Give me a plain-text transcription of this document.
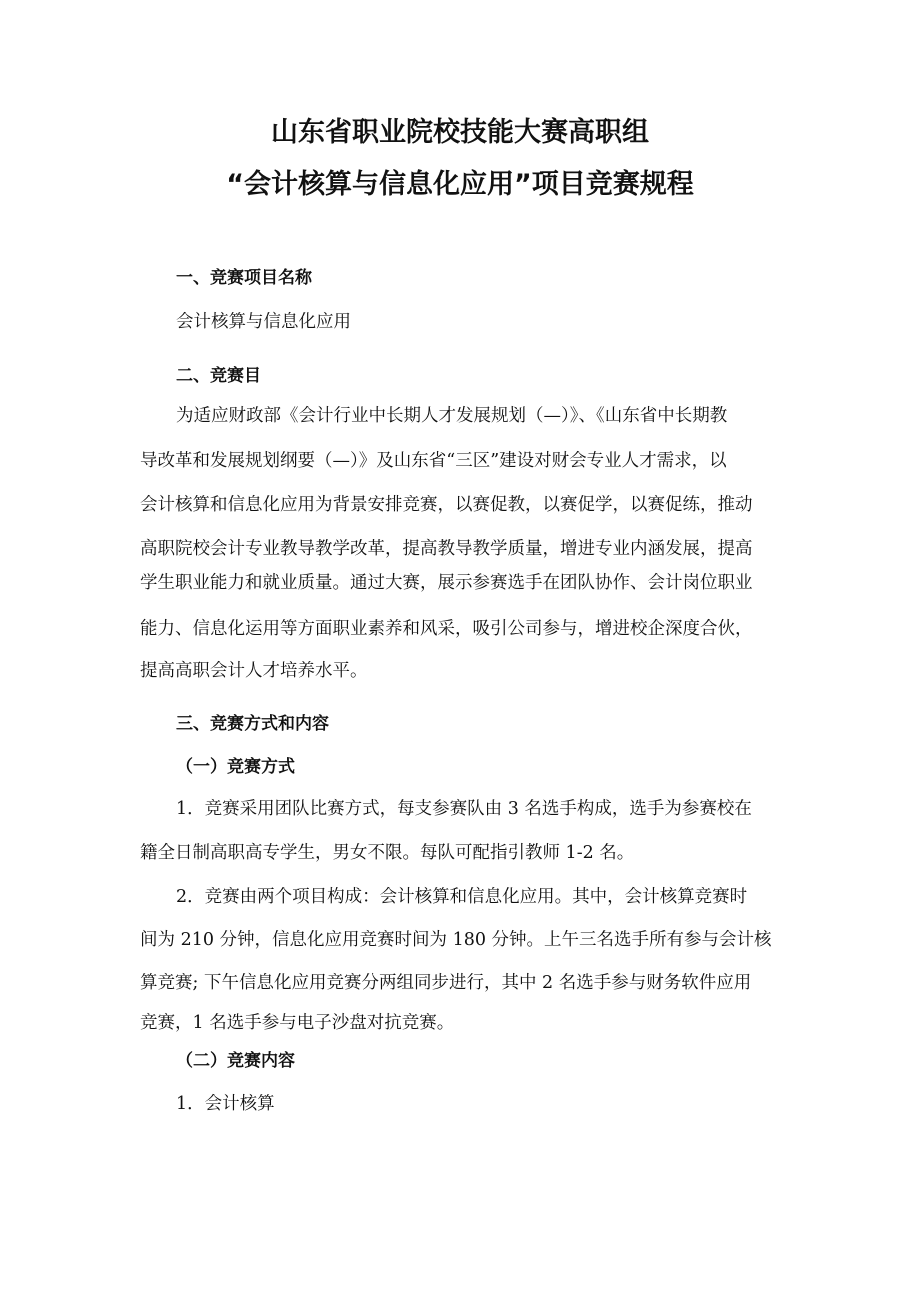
山东省职业院校技能大赛高职组
“会计核算与信息化应用”项目竞赛规程
一、竞赛项目名称
会计核算与信息化应用
二、竞赛目
为适应财政部《会计行业中长期人才发展规划（—）》、《山东省中长期教
导改革和发展规划纲要（—）》及山东省“三区”建设对财会专业人才需求，以
会计核算和信息化应用为背景安排竞赛，以赛促教，以赛促学，以赛促练，推动
高职院校会计专业教导教学改革，提高教导教学质量，增进专业内涵发展，提高
学生职业能力和就业质量。通过大赛，展示参赛选手在团队协作、会计岗位职业
能力、信息化运用等方面职业素养和风采，吸引公司参与，增进校企深度合伙，
提高高职会计人才培养水平。
三、竞赛方式和内容
（一）竞赛方式
1．竞赛采用团队比赛方式，每支参赛队由 3 名选手构成，选手为参赛校在
籍全日制高职高专学生，男女不限。每队可配指引教师 1-2 名。
2．竞赛由两个项目构成：会计核算和信息化应用。其中，会计核算竞赛时
间为 210 分钟，信息化应用竞赛时间为 180 分钟。上午三名选手所有参与会计核
算竞赛; 下午信息化应用竞赛分两组同步进行，其中 2 名选手参与财务软件应用
竞赛，1 名选手参与电子沙盘对抗竞赛。
（二）竞赛内容
1．会计核算
